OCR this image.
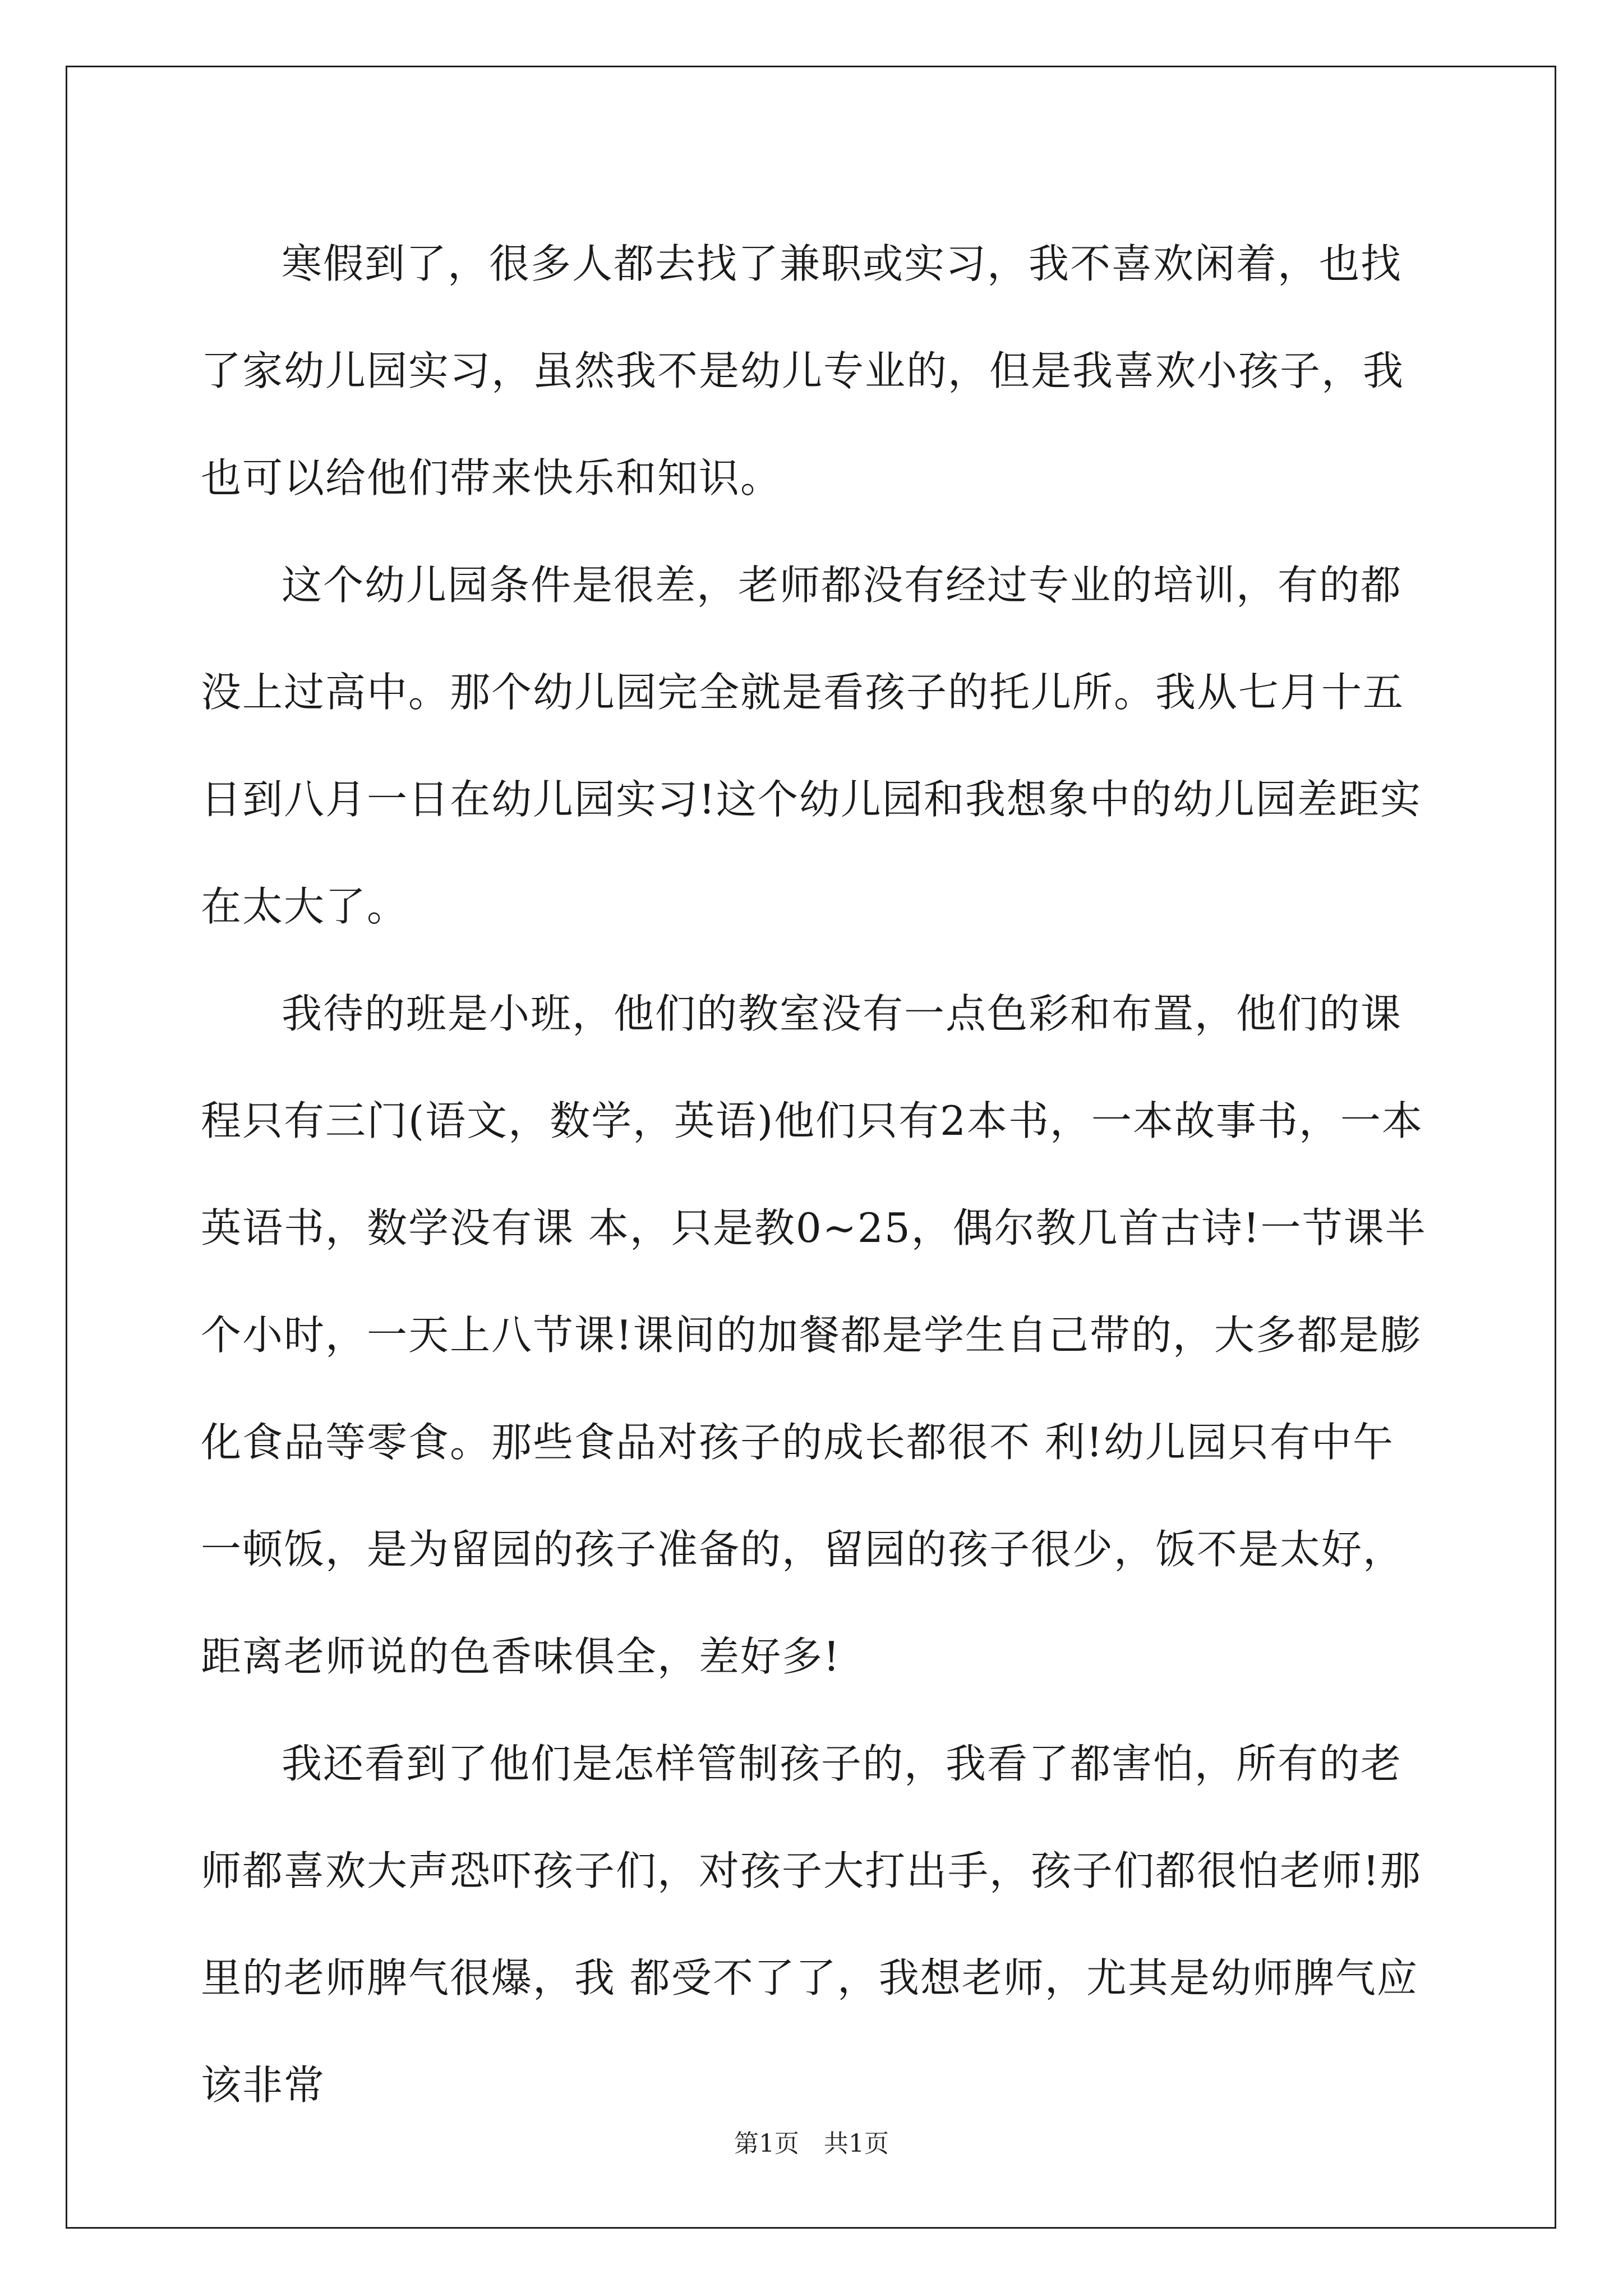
寒假到了，很多人都去找了兼职或实习，我不喜欢闲着，也找了家幼儿园实习，虽然我不是幼儿专业的，但是我喜欢小孩子，我也可以给他们带来快乐和知识。

这个幼儿园条件是很差，老师都没有经过专业的培训，有的都没上过高中。那个幼儿园完全就是看孩子的托儿所。我从七月十五日到八月一日在幼儿园实习!这个幼儿园和我想象中的幼儿园差距实在太大了。

我待的班是小班，他们的教室没有一点色彩和布置，他们的课程只有三门(语文，数学，英语)他们只有2本书，一本故事书，一本英语书，数学没有课 本，只是教0~25，偶尔教几首古诗!一节课半个小时，一天上八节课!课间的加餐都是学生自己带的，大多都是膨化食品等零食。那些食品对孩子的成长都很不 利!幼儿园只有中午一顿饭，是为留园的孩子准备的，留园的孩子很少，饭不是太好，距离老师说的色香味俱全，差好多!

我还看到了他们是怎样管制孩子的，我看了都害怕，所有的老师都喜欢大声恐吓孩子们，对孩子大打出手，孩子们都很怕老师!那里的老师脾气很爆，我 都受不了了，我想老师，尤其是幼师脾气应该非常

第1页　共1页
